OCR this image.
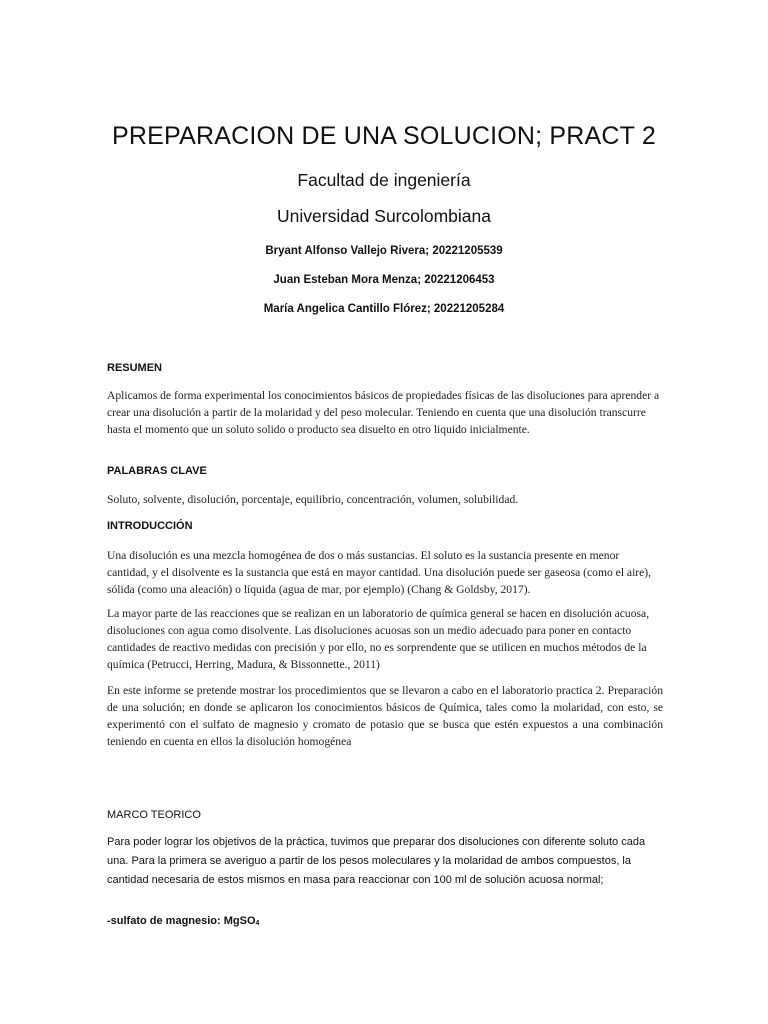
PREPARACION DE UNA SOLUCION; PRACT 2
Facultad de ingeniería
Universidad Surcolombiana
Bryant Alfonso Vallejo Rivera; 20221205539
Juan Esteban Mora Menza; 20221206453
María Angelica Cantillo Flórez; 20221205284
RESUMEN
Aplicamos de forma experimental los conocimientos básicos de propiedades físicas de las disoluciones para aprender a crear una disolución a partir de la molaridad y del peso molecular. Teniendo en cuenta que una disolución transcurre hasta el momento que un soluto solido o producto sea disuelto en otro liquido inicialmente.
PALABRAS CLAVE
Soluto, solvente, disolución, porcentaje, equilibrio, concentración, volumen, solubilidad.
INTRODUCCIÓN
Una disolución es una mezcla homogénea de dos o más sustancias. El soluto es la sustancia presente en menor cantidad, y el disolvente es la sustancia que está en mayor cantidad. Una disolución puede ser gaseosa (como el aire), sólida (como una aleación) o líquida (agua de mar, por ejemplo) (Chang & Goldsby, 2017).
La mayor parte de las reacciones que se realizan en un laboratorio de química general se hacen en disolución acuosa, disoluciones con agua como disolvente. Las disoluciones acuosas son un medio adecuado para poner en contacto cantidades de reactivo medidas con precisión y por ello, no es sorprendente que se utilicen en muchos métodos de la química (Petrucci, Herring, Madura, & Bissonnette., 2011)
En este informe se pretende mostrar los procedimientos que se llevaron a cabo en el laboratorio practica 2. Preparación de una solución; en donde se aplicaron los conocimientos básicos de Química, tales como la molaridad, con esto, se experimentó con el sulfato de magnesio y cromato de potasio que se busca que estén expuestos a una combinación teniendo en cuenta en ellos la disolución homogénea
MARCO TEORICO
Para poder lograr los objetivos de la práctica, tuvimos que preparar dos disoluciones con diferente soluto cada una. Para la primera se averiguo a partir de los pesos moleculares y la molaridad de ambos compuestos, la cantidad necesaria de estos mismos en masa para reaccionar con 100 ml de solución acuosa normal;
-sulfato de magnesio: MgSO$_4$
